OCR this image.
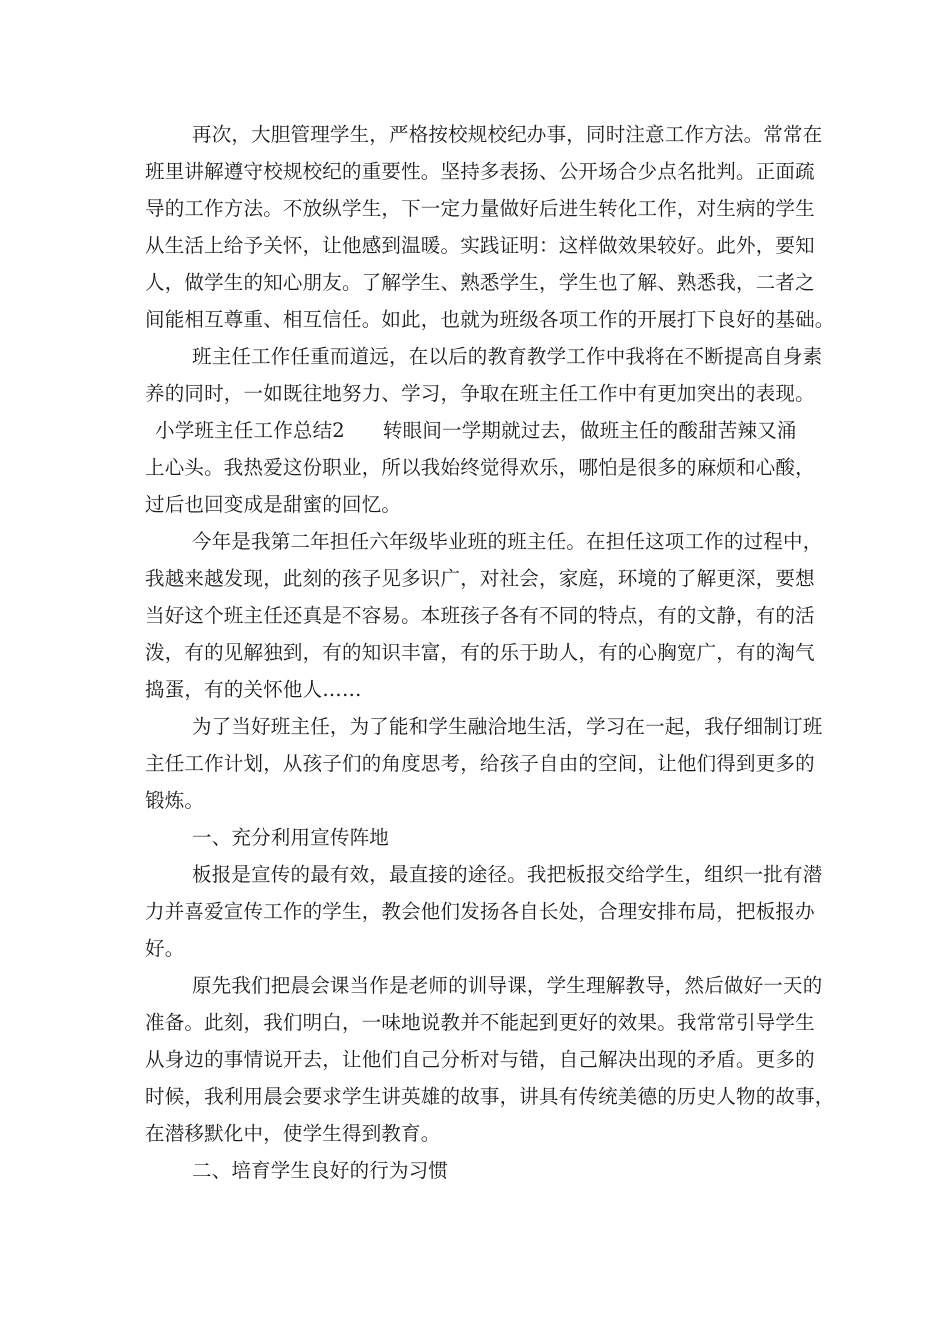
再次，大胆管理学生，严格按校规校纪办事，同时注意工作方法。常常在
班里讲解遵守校规校纪的重要性。坚持多表扬、公开场合少点名批判。正面疏
导的工作方法。不放纵学生，下一定力量做好后进生转化工作，对生病的学生
从生活上给予关怀，让他感到温暖。实践证明：这样做效果较好。此外，要知
人，做学生的知心朋友。了解学生、熟悉学生，学生也了解、熟悉我，二者之
间能相互尊重、相互信任。如此，也就为班级各项工作的开展打下良好的基础。
班主任工作任重而道远，在以后的教育教学工作中我将在不断提高自身素
养的同时，一如既往地努力、学习，争取在班主任工作中有更加突出的表现。
小学班主任工作总结2 转眼间一学期就过去，做班主任的酸甜苦辣又涌
上心头。我热爱这份职业，所以我始终觉得欢乐，哪怕是很多的麻烦和心酸，
过后也回变成是甜蜜的回忆。
今年是我第二年担任六年级毕业班的班主任。在担任这项工作的过程中，
我越来越发现，此刻的孩子见多识广，对社会，家庭，环境的了解更深，要想
当好这个班主任还真是不容易。本班孩子各有不同的特点，有的文静，有的活
泼，有的见解独到，有的知识丰富，有的乐于助人，有的心胸宽广，有的淘气
捣蛋，有的关怀他人……
为了当好班主任，为了能和学生融洽地生活，学习在一起，我仔细制订班
主任工作计划，从孩子们的角度思考，给孩子自由的空间，让他们得到更多的
锻炼。
一、充分利用宣传阵地
板报是宣传的最有效，最直接的途径。我把板报交给学生，组织一批有潜
力并喜爱宣传工作的学生，教会他们发扬各自长处，合理安排布局，把板报办
好。
原先我们把晨会课当作是老师的训导课，学生理解教导，然后做好一天的
准备。此刻，我们明白，一味地说教并不能起到更好的效果。我常常引导学生
从身边的事情说开去，让他们自己分析对与错，自己解决出现的矛盾。更多的
时候，我利用晨会要求学生讲英雄的故事，讲具有传统美德的历史人物的故事，
在潜移默化中，使学生得到教育。
二、培育学生良好的行为习惯
